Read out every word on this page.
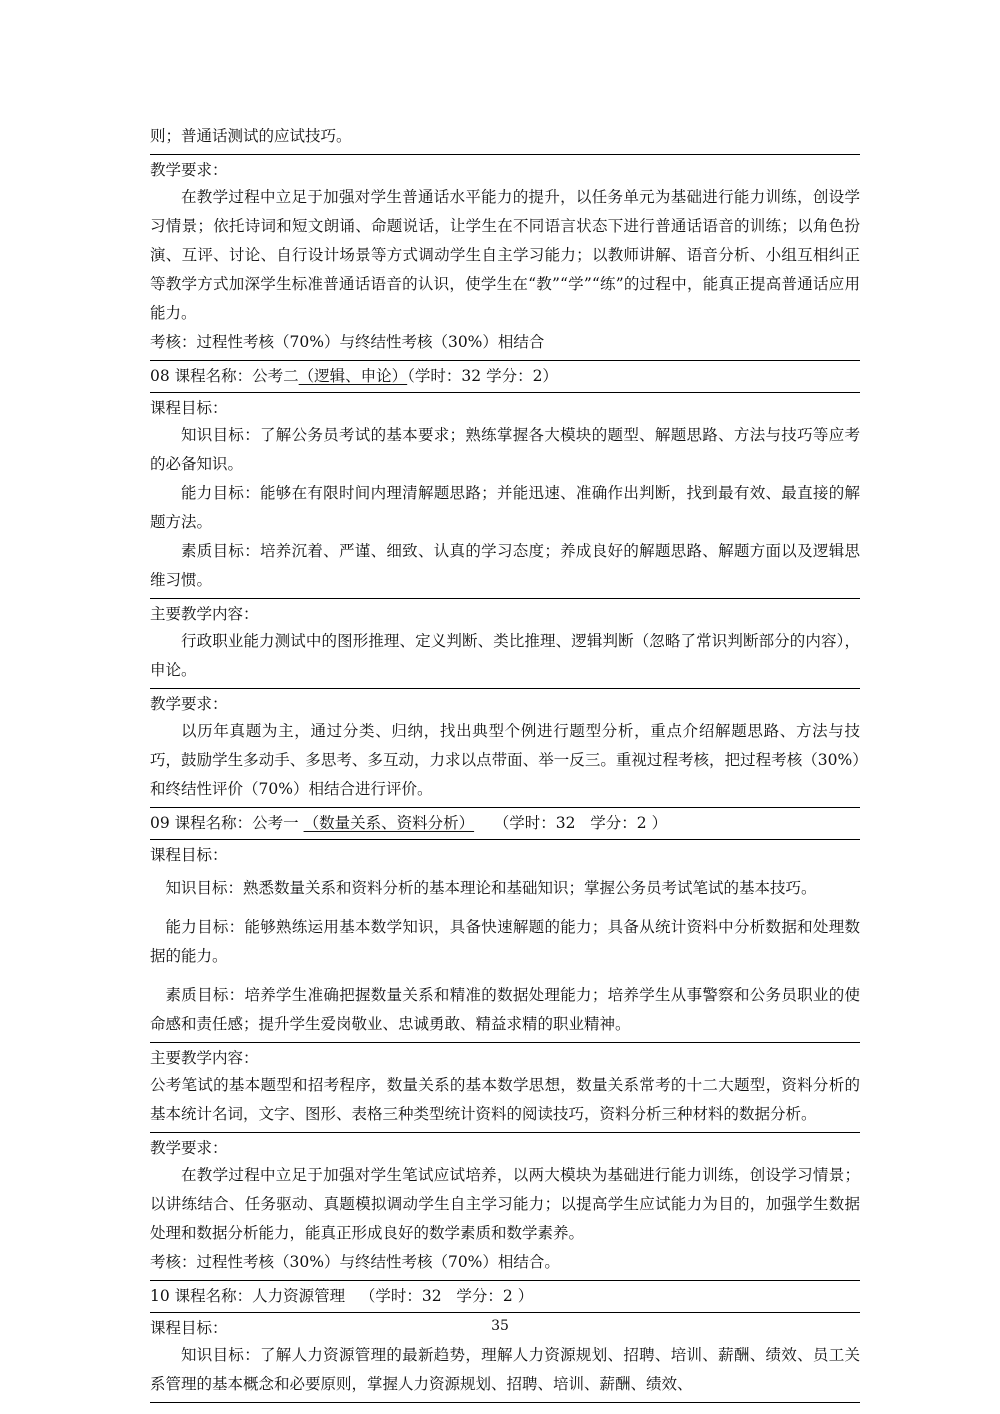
则；普通话测试的应试技巧。
教学要求：
在教学过程中立足于加强对学生普通话水平能力的提升，以任务单元为基础进行能力训练，创设学习情景；依托诗词和短文朗诵、命题说话，让学生在不同语言状态下进行普通话语音的训练；以角色扮演、互评、讨论、自行设计场景等方式调动学生自主学习能力；以教师讲解、语音分析、小组互相纠正等教学方式加深学生标准普通话语音的认识，使学生在“教”“学”“练”的过程中，能真正提高普通话应用能力。
考核：过程性考核（70%）与终结性考核（30%）相结合
08 课程名称：公考二（逻辑、申论）（学时：32 学分：2）
课程目标：
知识目标：了解公务员考试的基本要求；熟练掌握各大模块的题型、解题思路、方法与技巧等应考的必备知识。
能力目标：能够在有限时间内理清解题思路；并能迅速、准确作出判断，找到最有效、最直接的解题方法。
素质目标：培养沉着、严谨、细致、认真的学习态度；养成良好的解题思路、解题方面以及逻辑思维习惯。
主要教学内容：
行政职业能力测试中的图形推理、定义判断、类比推理、逻辑判断（忽略了常识判断部分的内容），申论。
教学要求：
以历年真题为主，通过分类、归纳，找出典型个例进行题型分析，重点介绍解题思路、方法与技巧，鼓励学生多动手、多思考、多互动，力求以点带面、举一反三。重视过程考核，把过程考核（30%）和终结性评价（70%）相结合进行评价。
09 课程名称：公考一 （数量关系、资料分析）    （学时：32   学分：2 ）
课程目标：
知识目标：熟悉数量关系和资料分析的基本理论和基础知识；掌握公务员考试笔试的基本技巧。
能力目标：能够熟练运用基本数学知识，具备快速解题的能力；具备从统计资料中分析数据和处理数据的能力。
素质目标：培养学生准确把握数量关系和精准的数据处理能力；培养学生从事警察和公务员职业的使命感和责任感；提升学生爱岗敬业、忠诚勇敢、精益求精的职业精神。
主要教学内容：
公考笔试的基本题型和招考程序，数量关系的基本数学思想，数量关系常考的十二大题型，资料分析的基本统计名词，文字、图形、表格三种类型统计资料的阅读技巧，资料分析三种材料的数据分析。
教学要求：
在教学过程中立足于加强对学生笔试应试培养，以两大模块为基础进行能力训练，创设学习情景；以讲练结合、任务驱动、真题模拟调动学生自主学习能力；以提高学生应试能力为目的，加强学生数据处理和数据分析能力，能真正形成良好的数学素质和数学素养。
考核：过程性考核（30%）与终结性考核（70%）相结合。
10 课程名称：人力资源管理   （学时：32   学分：2 ）
课程目标：
知识目标：了解人力资源管理的最新趋势，理解人力资源规划、招聘、培训、薪酬、绩效、员工关系管理的基本概念和必要原则，掌握人力资源规划、招聘、培训、薪酬、绩效、
35
